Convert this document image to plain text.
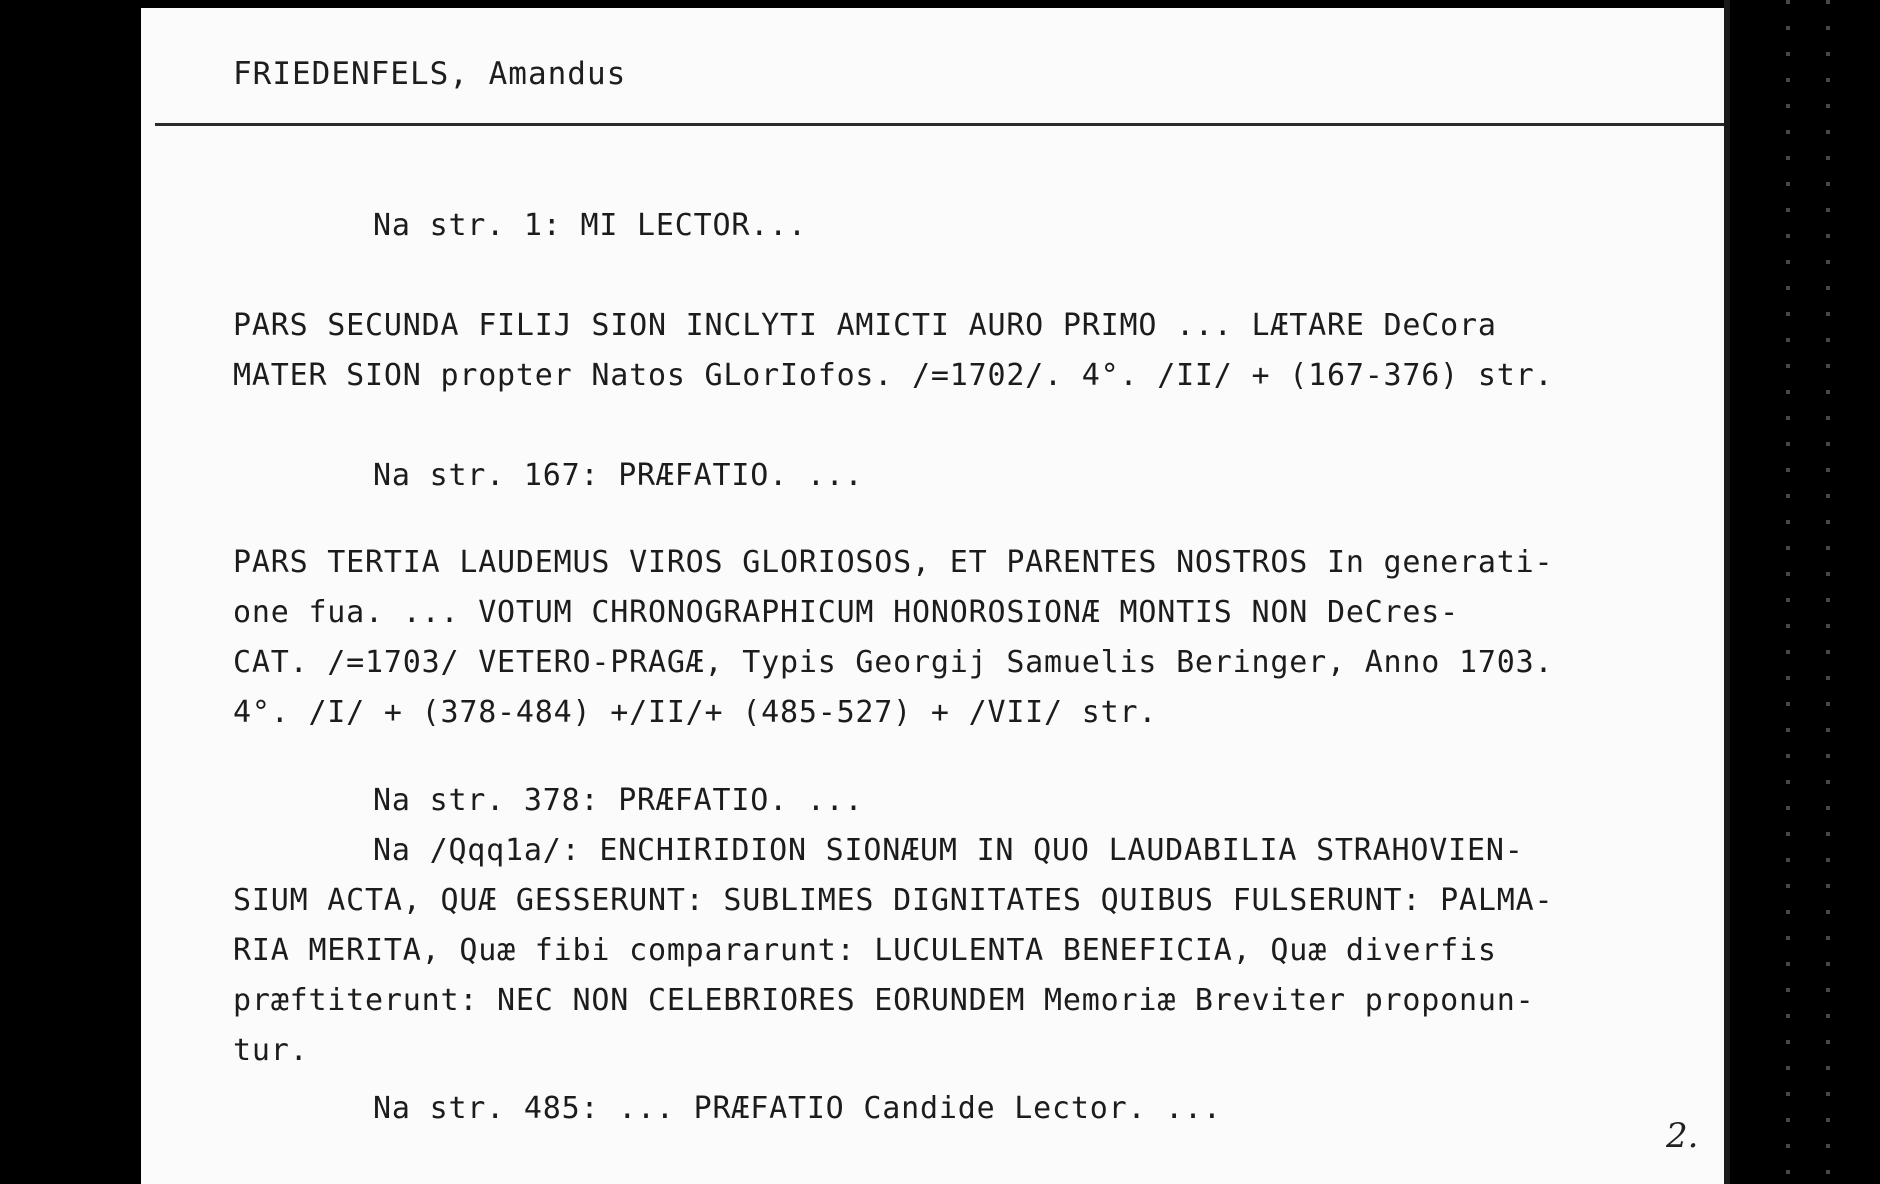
FRIEDENFELS, Amandus
Na str. 1: MI LECTOR...
PARS SECUNDA FILIJ SION INCLYTI AMICTI AURO PRIMO ... LÆTARE DeCora
MATER SION propter Natos GLorIofos. /=1702/. 4°. /II/ + (167-376) str.
Na str. 167: PRÆFATIO. ...
PARS TERTIA LAUDEMUS VIROS GLORIOSOS, ET PARENTES NOSTROS In generati-
one fua. ... VOTUM CHRONOGRAPHICUM HONOROSIONÆ MONTIS NON DeCres-
CAT. /=1703/ VETERO-PRAGÆ, Typis Georgij Samuelis Beringer, Anno 1703.
4°. /I/ + (378-484) +/II/+ (485-527) + /VII/ str.
Na str. 378: PRÆFATIO. ...
Na /Qqq1a/: ENCHIRIDION SIONÆUM IN QUO LAUDABILIA STRAHOVIEN-
SIUM ACTA, QUÆ GESSERUNT: SUBLIMES DIGNITATES QUIBUS FULSERUNT: PALMA-
RIA MERITA, Quæ fibi compararunt: LUCULENTA BENEFICIA, Quæ diverfis
præftiterunt: NEC NON CELEBRIORES EORUNDEM Memoriæ Breviter proponun-
tur.
Na str. 485: ... PRÆFATIO Candide Lector. ...
2.
